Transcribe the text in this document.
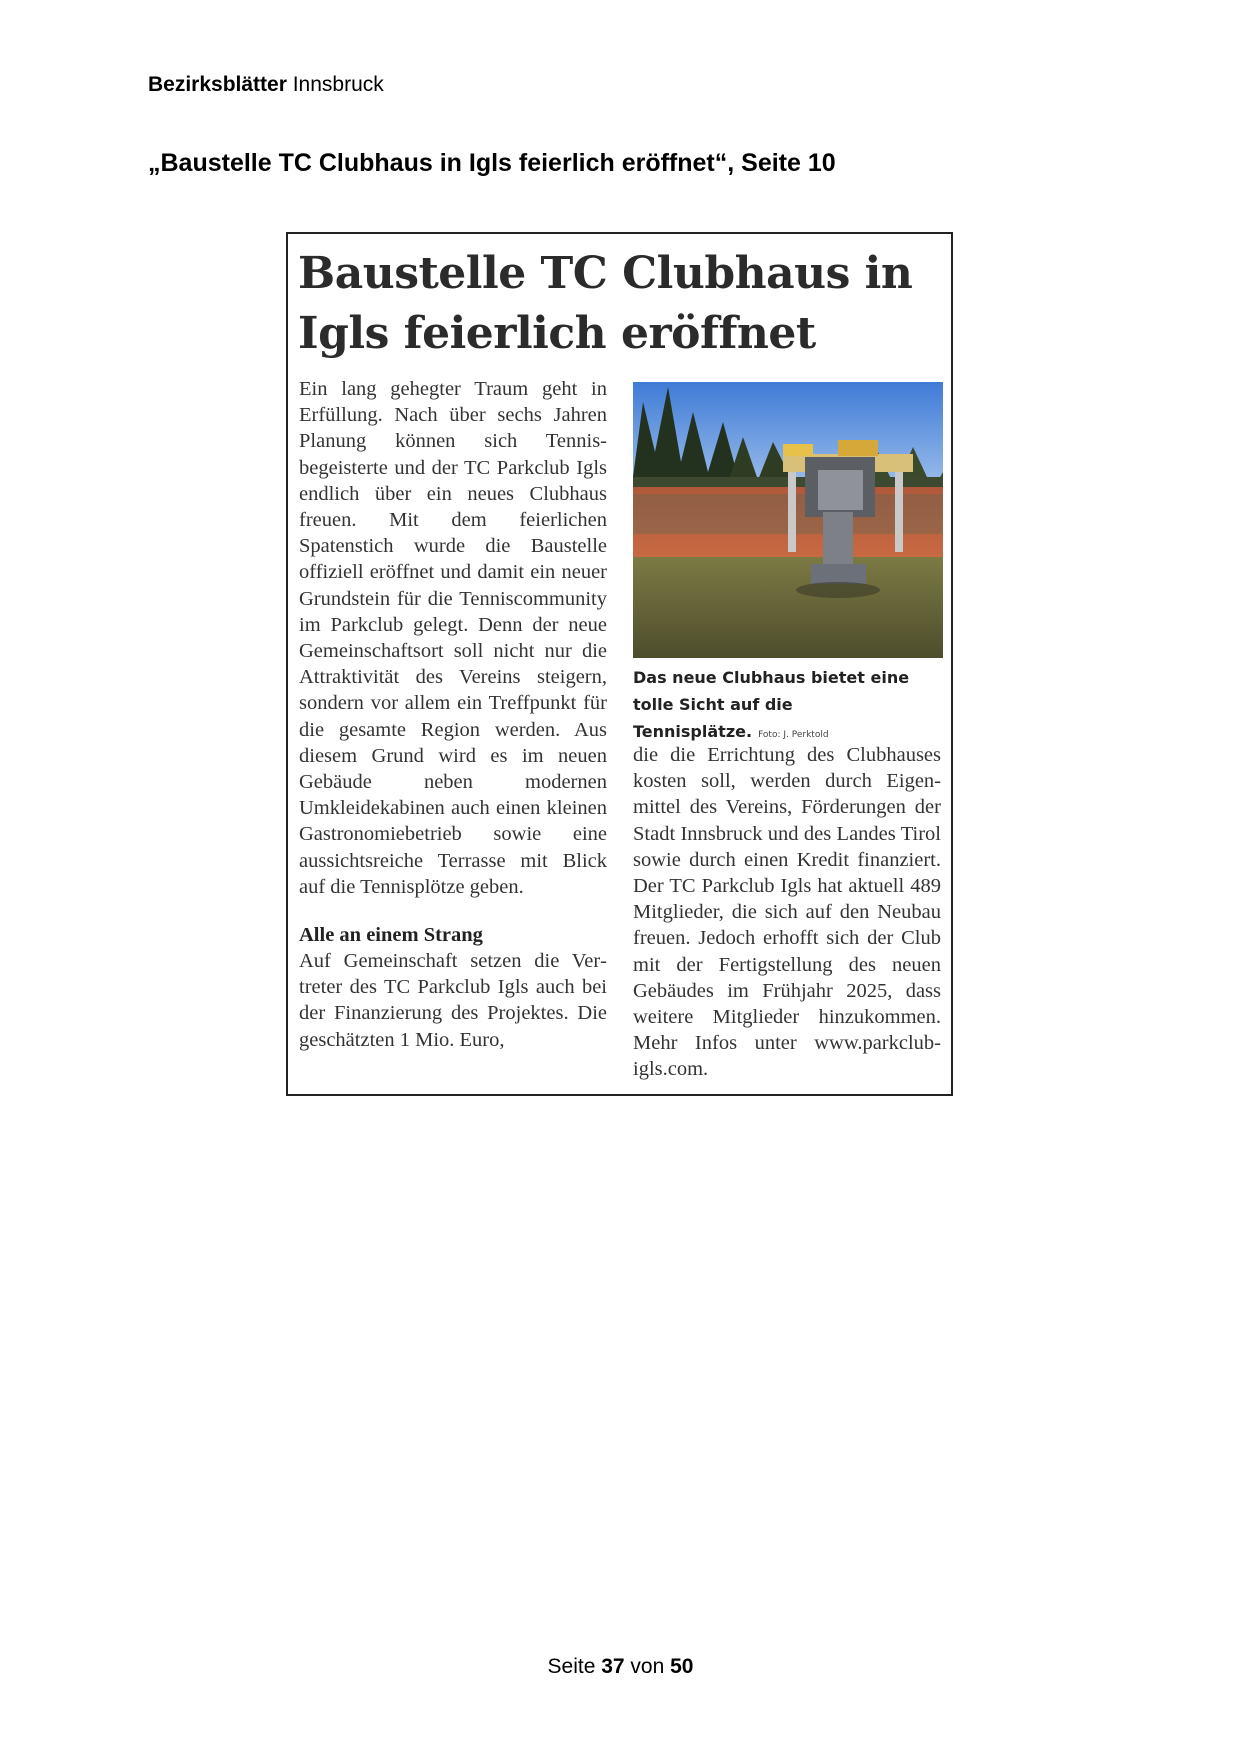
Bezirksblätter Innsbruck
„Baustelle TC Clubhaus in Igls feierlich eröffnet“, Seite 10
Baustelle TC Clubhaus in Igls feierlich eröffnet

Ein lang gehegter Traum geht in Erfüllung. Nach über sechs Jahren Planung können sich Tennisbegeisterte und der TC Parkclub Igls endlich über ein neues Clubhaus freuen. Mit dem feierlichen Spatenstich wurde die Baustelle offiziell eröffnet und damit ein neuer Grundstein für die Tenniscommunity im Parkclub gelegt. Denn der neue Gemeinschaftsort soll nicht nur die Attraktivität des Vereins steigern, sondern vor allem ein Treffpunkt für die gesamte Region werden. Aus diesem Grund wird es im neuen Gebäude neben modernen Umkleidekabinen auch einen kleinen Gastronomiebetrieb sowie eine aussichtsreiche Terrasse mit Blick auf die Tennisplötze geben.

Alle an einem Strang

Auf Gemeinschaft setzen die Vertreter des TC Parkclub Igls auch bei der Finanzierung des Projektes. Die geschätzten 1 Mio. Euro,

Das neue Clubhaus bietet eine tolle Sicht auf die Tennisplätze. Foto: J. Perktold

die die Errichtung des Clubhauses kosten soll, werden durch Eigenmittel des Vereins, Förderungen der Stadt Innsbruck und des Landes Tirol sowie durch einen Kredit finanziert. Der TC Parkclub Igls hat aktuell 489 Mitglieder, die sich auf den Neubau freuen. Jedoch erhofft sich der Club mit der Fertigstellung des neuen Gebäudes im Frühjahr 2025, dass weitere Mitglieder hinzukommen. Mehr Infos unter www.parkclub-igls.com.

Seite 37 von 50
